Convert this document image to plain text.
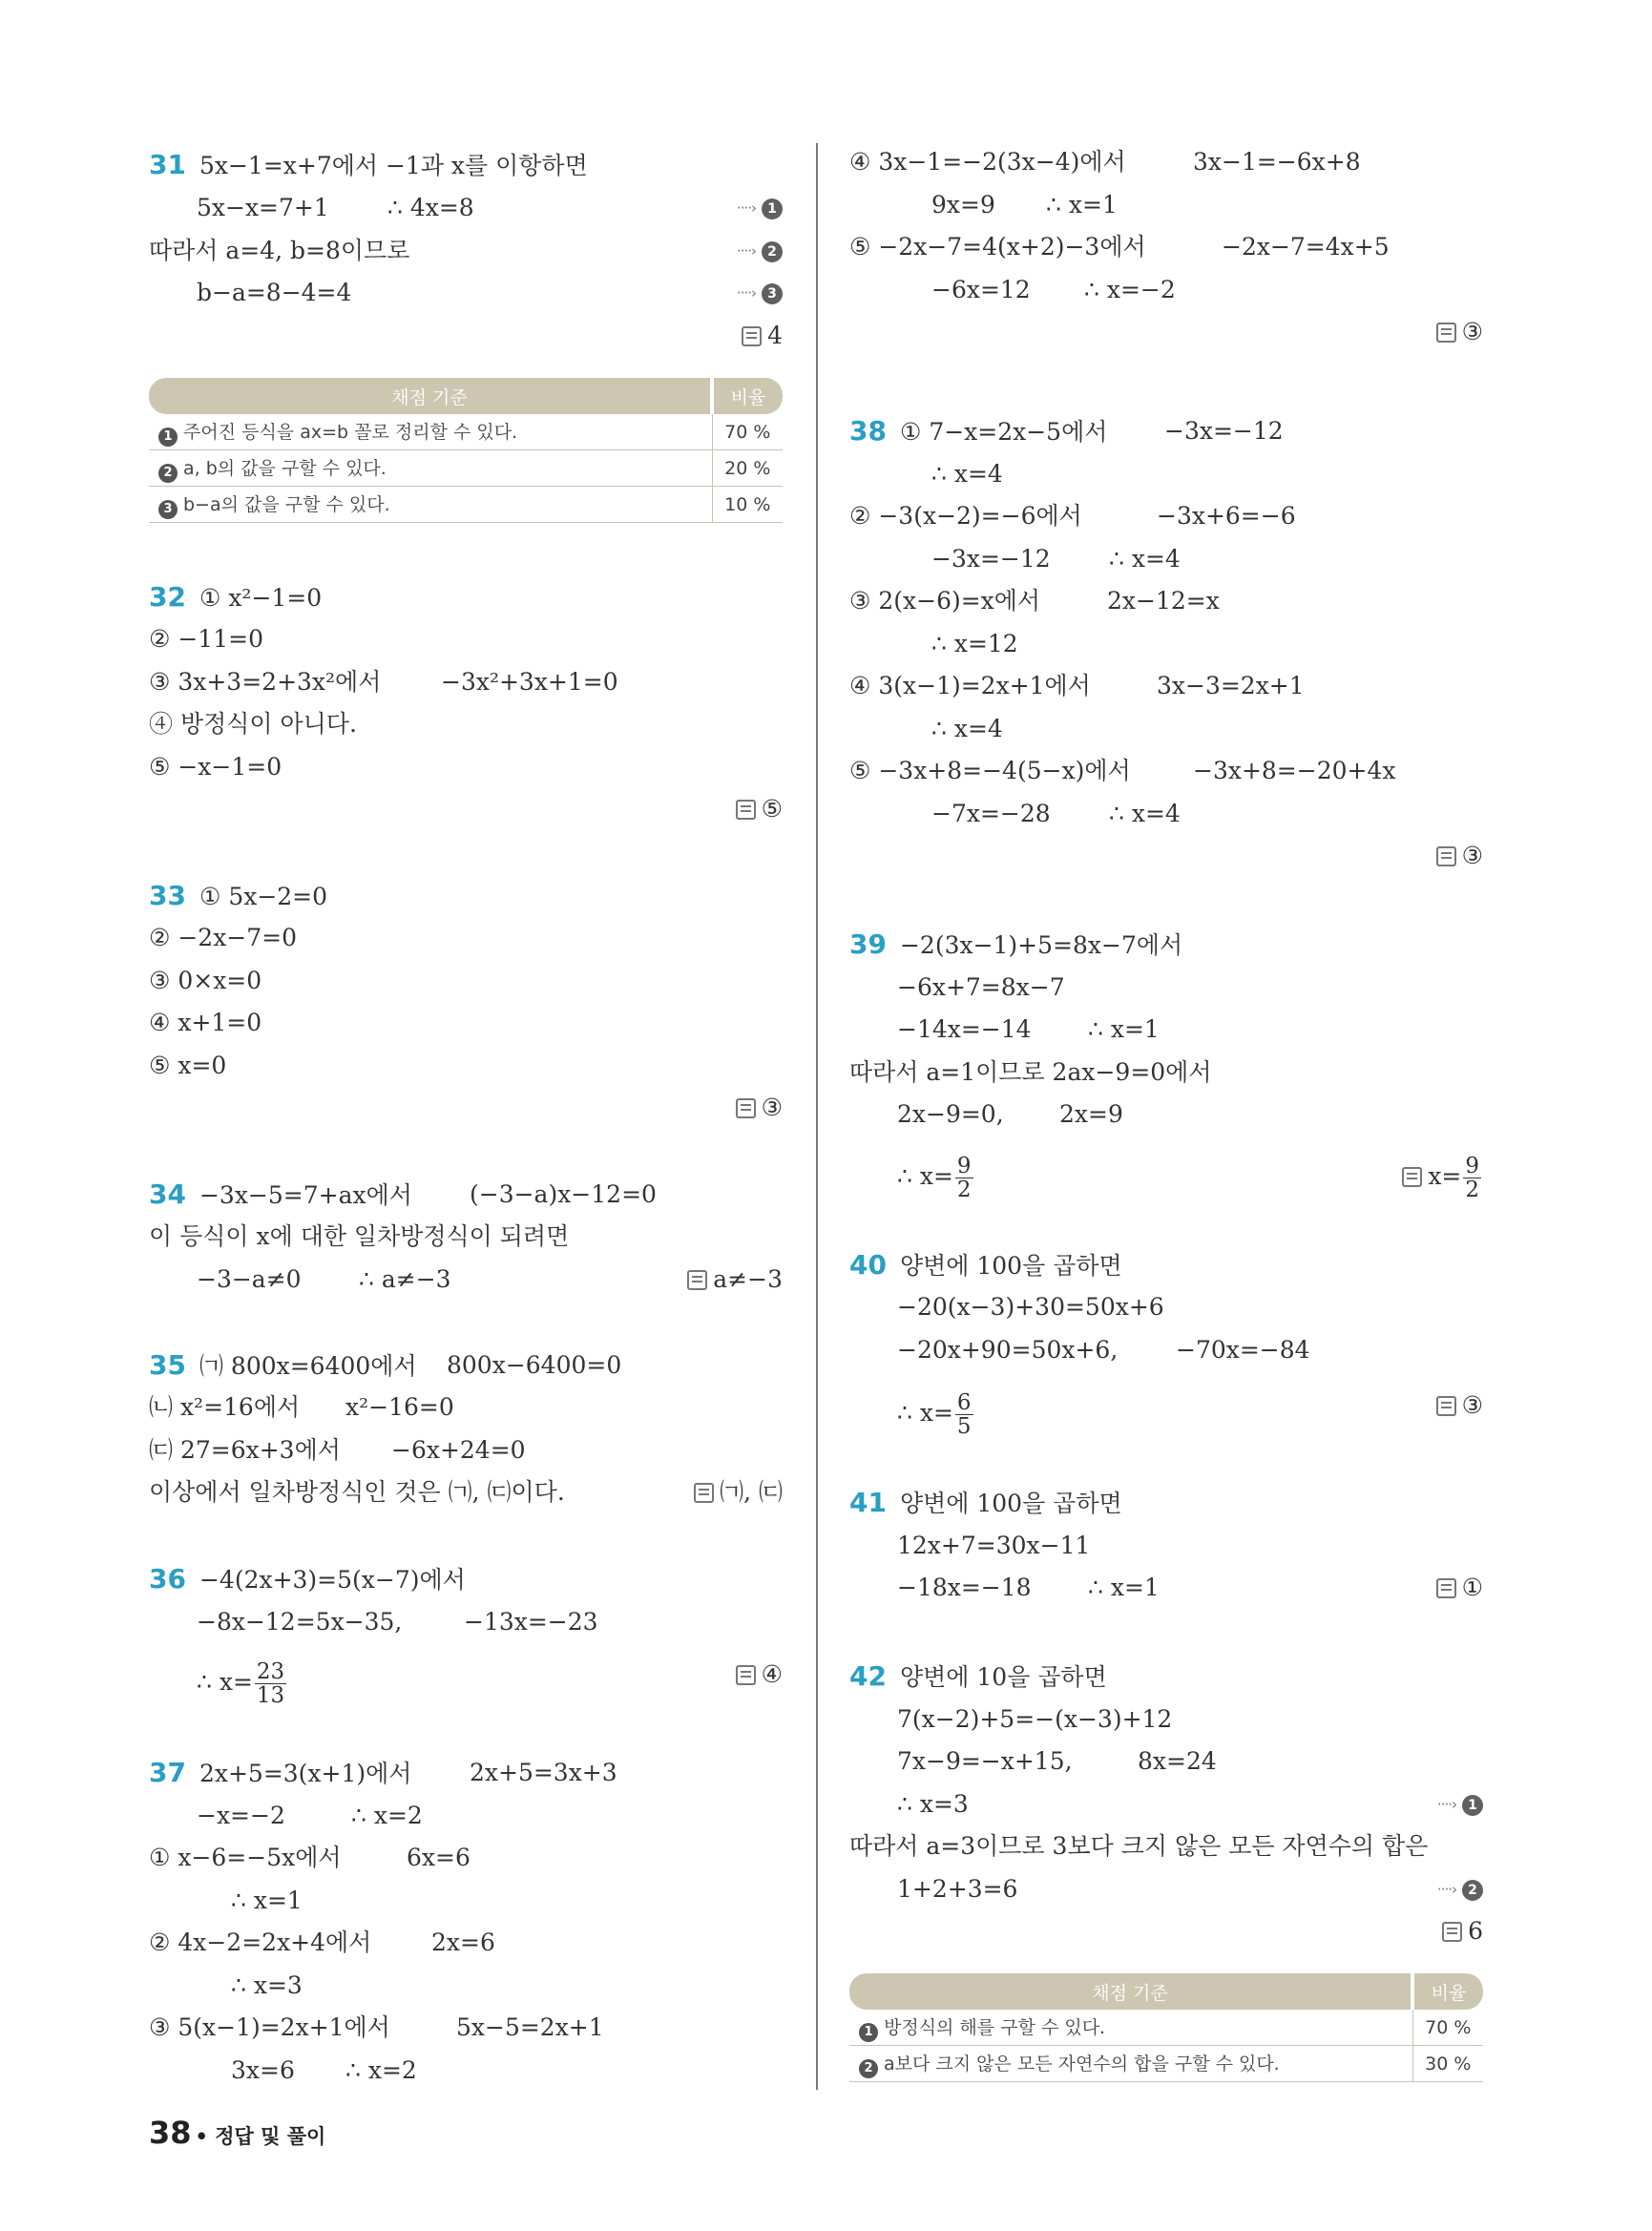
31 5x−1=x+7에서 −1과 x를 이항하면
5x−x=7+1 ∴ 4x=8	····› 1
따라서 a=4, b=8이므로	····› 2
b−a=8−4=4	····› 3
4
채점 기준	비율
1 주어진 등식을 ax=b 꼴로 정리할 수 있다.	70 %
2 a, b의 값을 구할 수 있다.	20 %
3 b−a의 값을 구할 수 있다.	10 %
32 ① x²−1=0
② −11=0
③ 3x+3=2+3x²에서	−3x²+3x+1=0
④ 방정식이 아니다.
⑤ −x−1=0
⑤
33 ① 5x−2=0
② −2x−7=0
③ 0×x=0
④ x+1=0
⑤ x=0
③
34 −3x−5=7+ax에서 (−3−a)x−12=0
이 등식이 x에 대한 일차방정식이 되려면
−3−a≠0 ∴ a≠−3	a≠−3
35 ㈀ 800x=6400에서 800x−6400=0
㈁ x²=16에서 x²−16=0
㈂ 27=6x+3에서 −6x+24=0
이상에서 일차방정식인 것은 ㈀, ㈂이다.	㈀, ㈂
36 −4(2x+3)=5(x−7)에서
−8x−12=5x−35,	−13x=−23
∴ $x= \frac{23}{13}$	④
37 2x+5=3(x+1)에서 2x+5=3x+3
−x=−2	∴ x=2
① x−6=−5x에서	6x=6
∴ x=1
② 4x−2=2x+4에서	2x=6
∴ x=3
③ 5(x−1)=2x+1에서	5x−5=2x+1
3x=6 ∴ x=2
④ 3x−1=−2(3x−4)에서	3x−1=−6x+8
9x=9 ∴ x=1
⑤ −2x−7=4(x+2)−3에서	−2x−7=4x+5
−6x=12 ∴ x=−2
③
38 ① 7−x=2x−5에서 −3x=−12
∴ x=4
② −3(x−2)=−6에서	−3x+6=−6
−3x=−12 ∴ x=4
③ 2(x−6)=x에서	2x−12=x
∴ x=12
④ 3(x−1)=2x+1에서	3x−3=2x+1
∴ x=4
⑤ −3x+8=−4(5−x)에서	−3x+8=−20+4x
−7x=−28 ∴ x=4
③
39 −2(3x−1)+5=8x−7에서
−6x+7=8x−7
−14x=−14 ∴ x=1
따라서 a=1이므로 2ax−9=0에서
2x−9=0, 2x=9
∴ $x= \frac{9}{2}$	$x= \frac{9}{2}$
40 양변에 100을 곱하면
−20(x−3)+30=50x+6
−20x+90=50x+6, −70x=−84
∴ $x= \frac{6}{5}$	③
41 양변에 100을 곱하면
12x+7=30x−11
−18x=−18 ∴ x=1	①
42 양변에 10을 곱하면
7(x−2)+5=−(x−3)+12
7x−9=−x+15,	8x=24
∴ x=3	····› 1
따라서 a=3이므로 3보다 크지 않은 모든 자연수의 합은
1+2+3=6	····› 2
6
채점 기준	비율
1 방정식의 해를 구할 수 있다.	70 %
2 a보다 크지 않은 모든 자연수의 합을 구할 수 있다.	30 %
38 • 정답 및 풀이
